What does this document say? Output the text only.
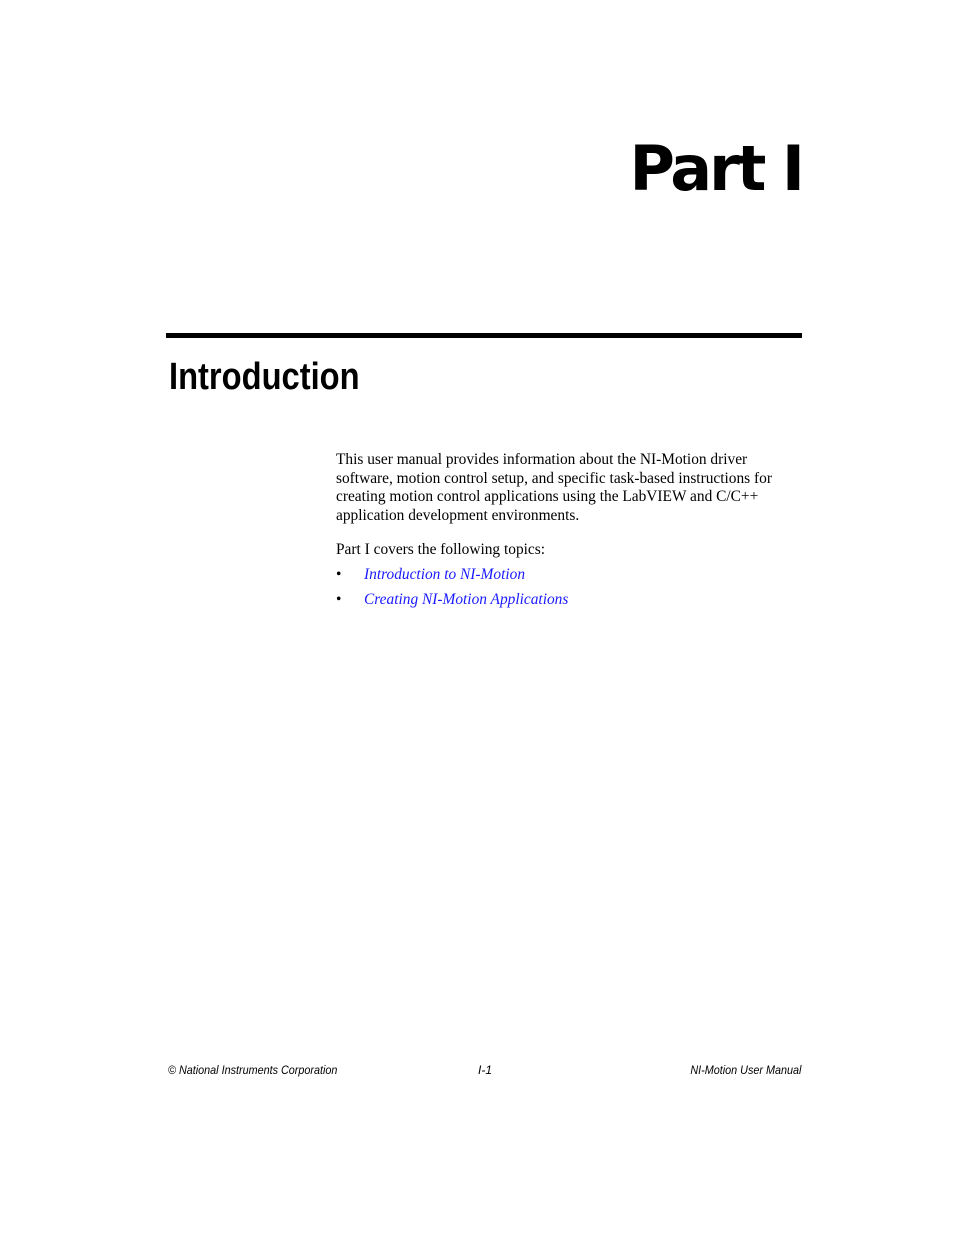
Part I
Introduction

This user manual provides information about the NI-Motion driver software, motion control setup, and specific task-based instructions for creating motion control applications using the LabVIEW and C/C++ application development environments.

Part I covers the following topics:

• Introduction to NI-Motion
• Creating NI-Motion Applications
© National Instruments Corporation	I-1	NI-Motion User Manual
